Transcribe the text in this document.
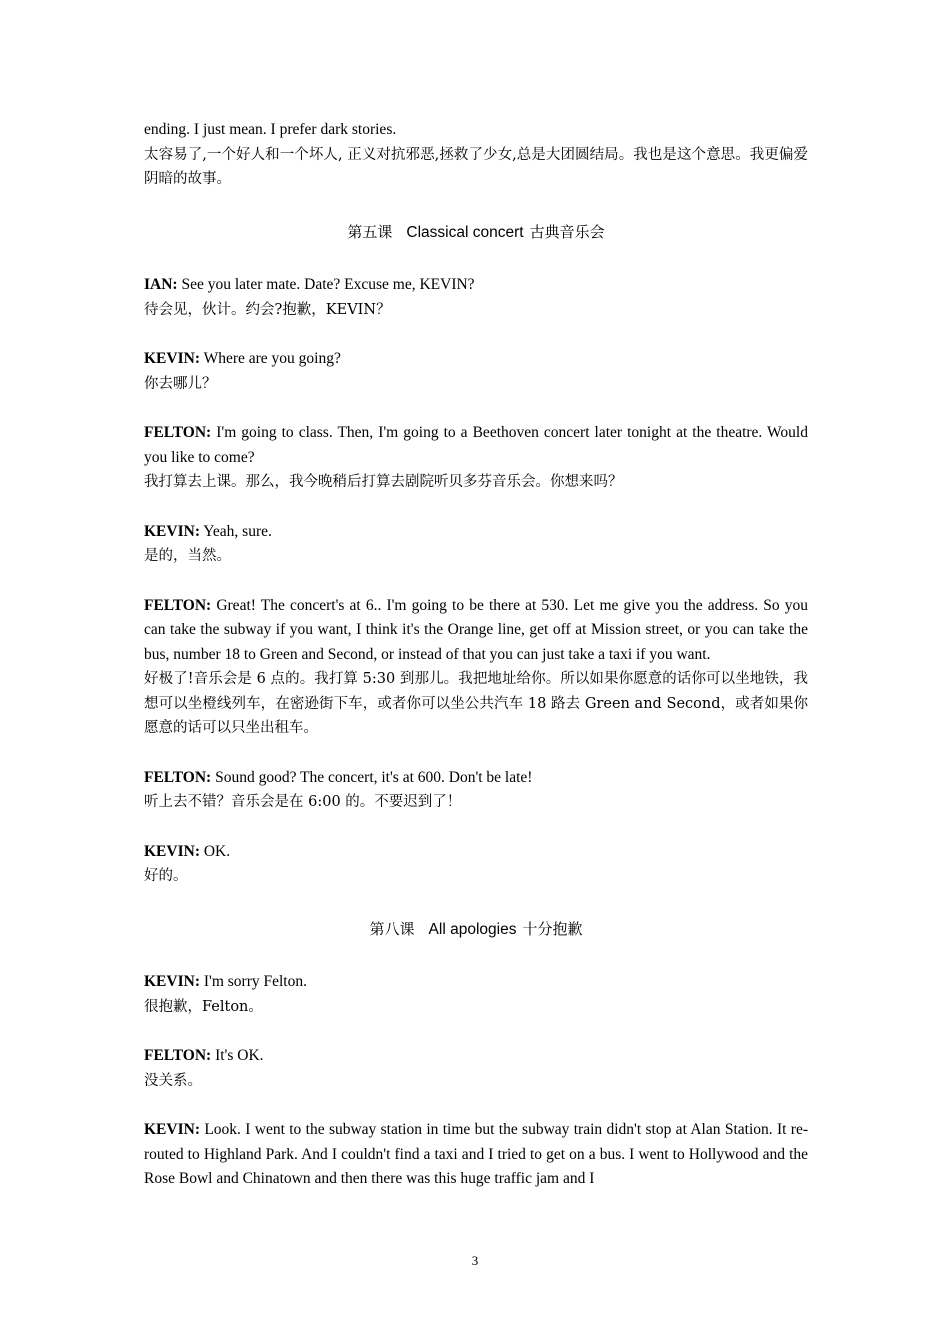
ending. I just mean. I prefer dark stories.

太容易了,一个好人和一个坏人, 正义对抗邪恶,拯救了少女,总是大团圆结局。我也是这个意思。我更偏爱阴暗的故事。

第五课 Classical concert 古典音乐会

IAN: See you later mate. Date? Excuse me, KEVIN?

待会见，伙计。约会?抱歉，KEVIN？

KEVIN: Where are you going?

你去哪儿？

FELTON: I'm going to class. Then, I'm going to a Beethoven concert later tonight at the theatre. Would you like to come?

我打算去上课。那么，我今晚稍后打算去剧院听贝多芬音乐会。你想来吗？

KEVIN: Yeah, sure.

是的，当然。

FELTON: Great! The concert's at 6.. I'm going to be there at 530. Let me give you the address. So you can take the subway if you want, I think it's the Orange line, get off at Mission street, or you can take the bus, number 18 to Green and Second, or instead of that you can just take a taxi if you want.

好极了!音乐会是 6 点的。我打算 5:30 到那儿。我把地址给你。所以如果你愿意的话你可以坐地铁，我想可以坐橙线列车，在密逊街下车，或者你可以坐公共汽车 18 路去 Green and Second，或者如果你愿意的话可以只坐出租车。

FELTON: Sound good? The concert, it's at 600. Don't be late!

听上去不错？音乐会是在 6:00 的。不要迟到了！

KEVIN: OK.

好的。

第八课 All apologies 十分抱歉

KEVIN: I'm sorry Felton.

很抱歉，Felton。

FELTON: It's OK.

没关系。

KEVIN: Look. I went to the subway station in time but the subway train didn't stop at Alan Station. It re-routed to Highland Park. And I couldn't find a taxi and I tried to get on a bus. I went to Hollywood and the Rose Bowl and Chinatown and then there was this huge traffic jam and I

3
